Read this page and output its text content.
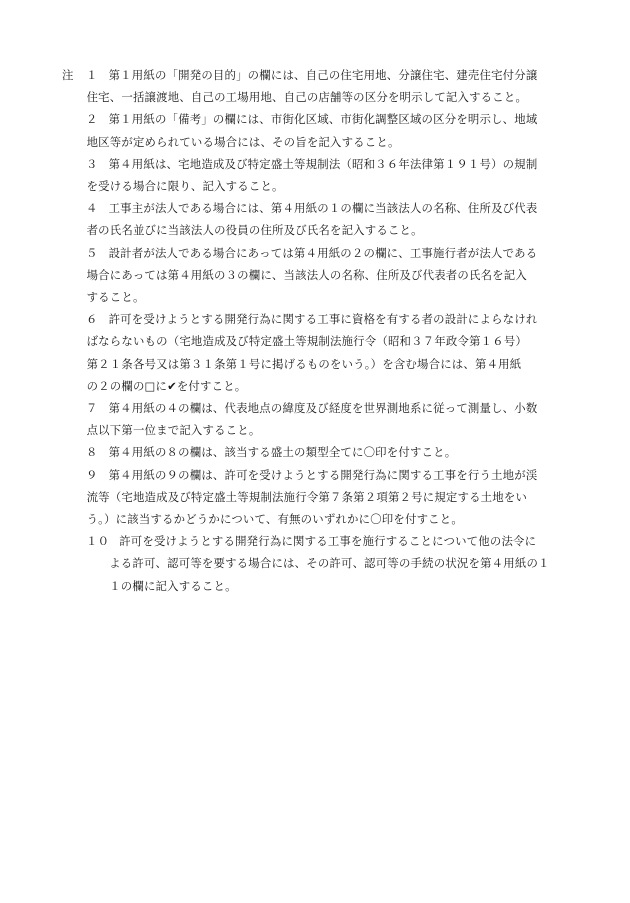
注	１ 第１用紙の「開発の目的」の欄には、自己の住宅用地、分譲住宅、建売住宅付分譲
住宅、一括譲渡地、自己の工場用地、自己の店舗等の区分を明示して記入すること。
２ 第１用紙の「備考」の欄には、市街化区域、市街化調整区域の区分を明示し、地域
地区等が定められている場合には、その旨を記入すること。
３ 第４用紙は、宅地造成及び特定盛土等規制法（昭和３６年法律第１９１号）の規制
を受ける場合に限り、記入すること。
４ 工事主が法人である場合には、第４用紙の１の欄に当該法人の名称、住所及び代表
者の氏名並びに当該法人の役員の住所及び氏名を記入すること。
５ 設計者が法人である場合にあっては第４用紙の２の欄に、工事施行者が法人である
場合にあっては第４用紙の３の欄に、当該法人の名称、住所及び代表者の氏名を記入
すること。
６ 許可を受けようとする開発行為に関する工事に資格を有する者の設計によらなけれ
ばならないもの（宅地造成及び特定盛土等規制法施行令（昭和３７年政令第１６号）
第２１条各号又は第３１条第１号に掲げるものをいう。）を含む場合には、第４用紙
の２の欄の□に✔を付すこと。
７ 第４用紙の４の欄は、代表地点の緯度及び経度を世界測地系に従って測量し、小数
点以下第一位まで記入すること。
８ 第４用紙の８の欄は、該当する盛土の類型全てに〇印を付すこと。
９ 第４用紙の９の欄は、許可を受けようとする開発行為に関する工事を行う土地が渓
流等（宅地造成及び特定盛土等規制法施行令第７条第２項第２号に規定する土地をい
う。）に該当するかどうかについて、有無のいずれかに〇印を付すこと。
１０ 許可を受けようとする開発行為に関する工事を施行することについて他の法令に
よる許可、認可等を要する場合には、その許可、認可等の手続の状況を第４用紙の１
１の欄に記入すること。
